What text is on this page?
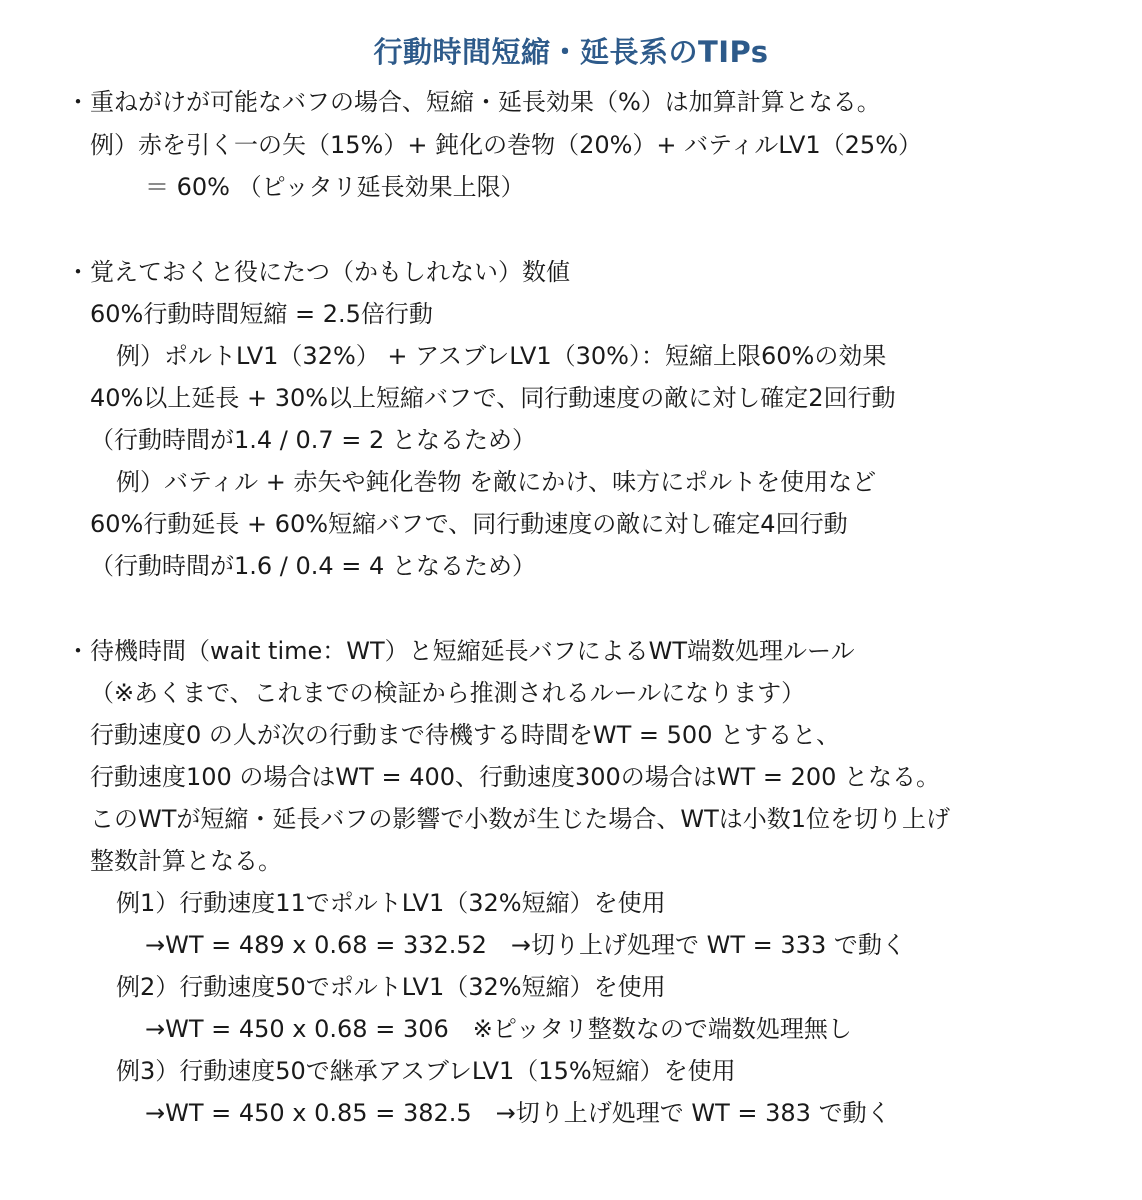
行動時間短縮・延長系のTIPs
・重ねがけが可能なバフの場合、短縮・延長効果（%）は加算計算となる。
例）赤を引く一の矢（15%）+ 鈍化の巻物（20%）+ バティルLV1（25%）
＝ 60% （ピッタリ延長効果上限）
・覚えておくと役にたつ（かもしれない）数値
60%行動時間短縮 = 2.5倍行動
例）ポルトLV1（32%） + アスブレLV1（30%）：短縮上限60%の効果
40%以上延長 + 30%以上短縮バフで、同行動速度の敵に対し確定2回行動
（行動時間が1.4 / 0.7 = 2 となるため）
例）バティル + 赤矢や鈍化巻物 を敵にかけ、味方にポルトを使用など
60%行動延長 + 60%短縮バフで、同行動速度の敵に対し確定4回行動
（行動時間が1.6 / 0.4 = 4 となるため）
・待機時間（wait time：WT）と短縮延長バフによるWT端数処理ルール
（※あくまで、これまでの検証から推測されるルールになります）
行動速度0 の人が次の行動まで待機する時間をWT = 500 とすると、
行動速度100 の場合はWT = 400、行動速度300の場合はWT = 200 となる。
このWTが短縮・延長バフの影響で小数が生じた場合、WTは小数1位を切り上げ
整数計算となる。
例1）行動速度11でポルトLV1（32%短縮）を使用
→WT = 489 x 0.68 = 332.52　→切り上げ処理で WT = 333 で動く
例2）行動速度50でポルトLV1（32%短縮）を使用
→WT = 450 x 0.68 = 306　※ピッタリ整数なので端数処理無し
例3）行動速度50で継承アスブレLV1（15%短縮）を使用
→WT = 450 x 0.85 = 382.5　→切り上げ処理で WT = 383 で動く
